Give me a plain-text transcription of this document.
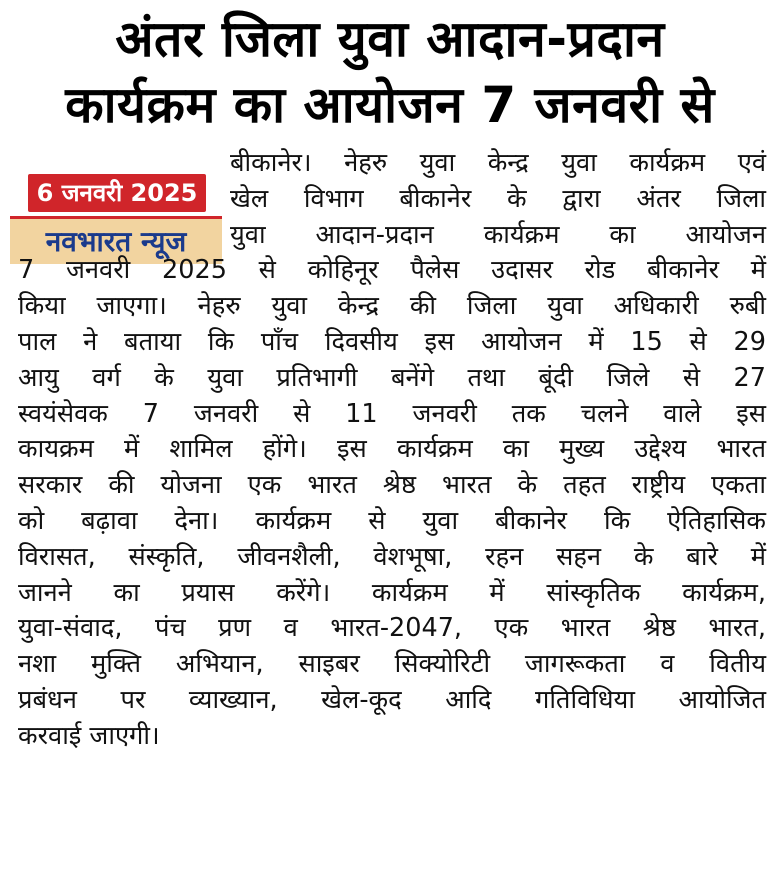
अंतर जिला युवा आदान-प्रदान
कार्यक्रम का आयोजन 7 जनवरी से
6 जनवरी 2025
नवभारत न्यूज
बीकानेर। नेहरु युवा केन्द्र युवा कार्यक्रम एवं
खेल विभाग बीकानेर के द्वारा अंतर जिला
युवा आदान-प्रदान कार्यक्रम का आयोजन
7 जनवरी 2025 से कोहिनूर पैलेस उदासर रोड बीकानेर में
किया जाएगा। नेहरु युवा केन्द्र की जिला युवा अधिकारी रुबी
पाल ने बताया कि पाँच दिवसीय इस आयोजन में 15 से 29
आयु वर्ग के युवा प्रतिभागी बनेंगे तथा बूंदी जिले से 27
स्वयंसेवक 7 जनवरी से 11 जनवरी तक चलने वाले इस
कायक्रम में शामिल होंगे। इस कार्यक्रम का मुख्य उद्देश्य भारत
सरकार की योजना एक भारत श्रेष्ठ भारत के तहत राष्ट्रीय एकता
को बढ़ावा देना। कार्यक्रम से युवा बीकानेर कि ऐतिहासिक
विरासत, संस्कृति, जीवनशैली, वेशभूषा, रहन सहन के बारे में
जानने का प्रयास करेंगे। कार्यक्रम में सांस्कृतिक कार्यक्रम,
युवा-संवाद, पंच प्रण व भारत-2047, एक भारत श्रेष्ठ भारत,
नशा मुक्ति अभियान, साइबर सिक्योरिटी जागरूकता व वितीय
प्रबंधन पर व्याख्यान, खेल-कूद आदि गतिविधिया आयोजित
करवाई जाएगी।
